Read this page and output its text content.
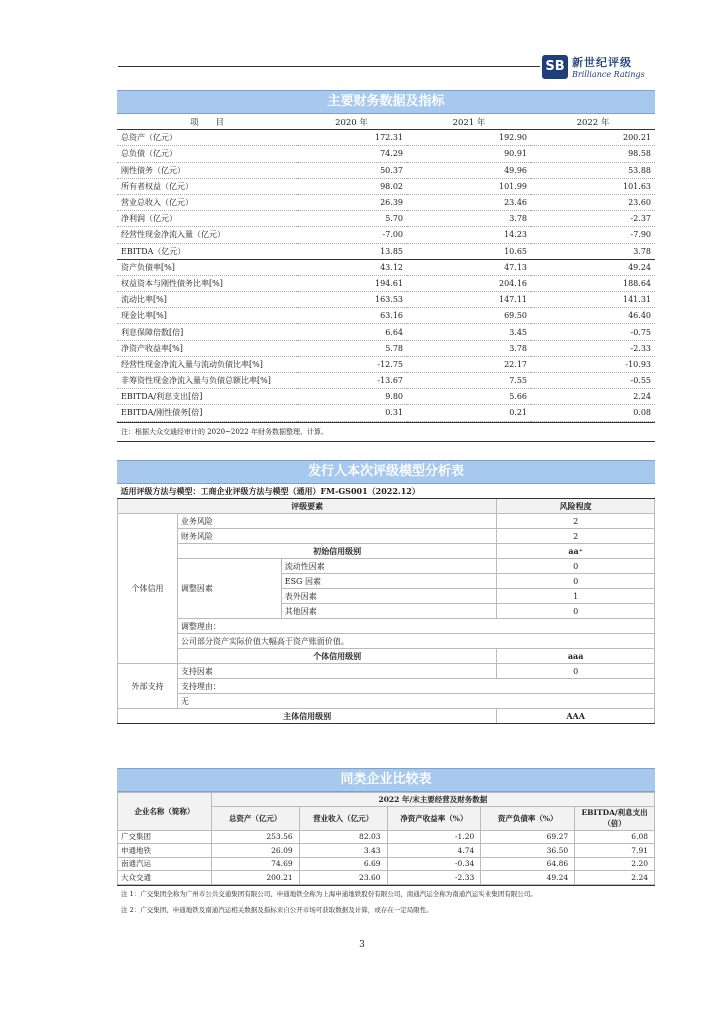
SB 新世纪评级
Brilliance Ratings
主要财务数据及指标
项　　目	2020 年	2021 年	2022 年
总资产（亿元）	172.31	192.90	200.21
总负债（亿元）	74.29	90.91	98.58
刚性债务（亿元）	50.37	49.96	53.88
所有者权益（亿元）	98.02	101.99	101.63
营业总收入（亿元）	26.39	23.46	23.60
净利润（亿元）	5.70	3.78	-2.37
经营性现金净流入量（亿元）	-7.00	14.23	-7.90
EBITDA（亿元）	13.85	10.65	3.78
资产负债率[%]	43.12	47.13	49.24
权益资本与刚性债务比率[%]	194.61	204.16	188.64
流动比率[%]	163.53	147.11	141.31
现金比率[%]	63.16	69.50	46.40
利息保障倍数[倍]	6.64	3.45	-0.75
净资产收益率[%]	5.78	3.78	-2.33
经营性现金净流入量与流动负债比率[%]	-12.75	22.17	-10.93
非筹资性现金净流入量与负债总额比率[%]	-13.67	7.55	-0.55
EBITDA/利息支出[倍]	9.80	5.66	2.24
EBITDA/刚性债务[倍]	0.31	0.21	0.08
注：根据大众交通经审计的 2020~2022 年财务数据整理、计算。
发行人本次评级模型分析表
适用评级方法与模型：工商企业评级方法与模型（通用）FM-GS001（2022.12）			
评级要素			风险程度
个体信用	业务风险		2
	财务风险		2
	初始信用级别		aa⁺
	调整因素	流动性因素	0
		ESG 因素	0
		表外因素	1
		其他因素	0
	调整理由：		
	公司部分资产实际价值大幅高于资产账面价值。		
	个体信用级别		aaa
外部支持	支持因素		0
	支持理由：		
	无		
主体信用级别			AAA
同类企业比较表
企业名称（简称）	2022 年/末主要经营及财务数据				
	总资产（亿元）	营业收入（亿元）	净资产收益率（%）	资产负债率（%）	EBITDA/利息支出（倍）
广交集团	253.56	82.03	-1.20	69.27	6.08
申通地铁	26.09	3.43	4.74	36.50	7.91
南通汽运	74.69	6.69	-0.34	64.86	2.20
大众交通	200.21	23.60	-2.33	49.24	2.24
注 1：广交集团全称为广州市公共交通集团有限公司、申通地铁全称为上海申通地铁股份有限公司、南通汽运全称为南通汽运实业集团有限公司。
注 2：广交集团、申通地铁及南通汽运相关数据及指标来自公开市场可获取数据及计算，或存在一定局限性。
3
